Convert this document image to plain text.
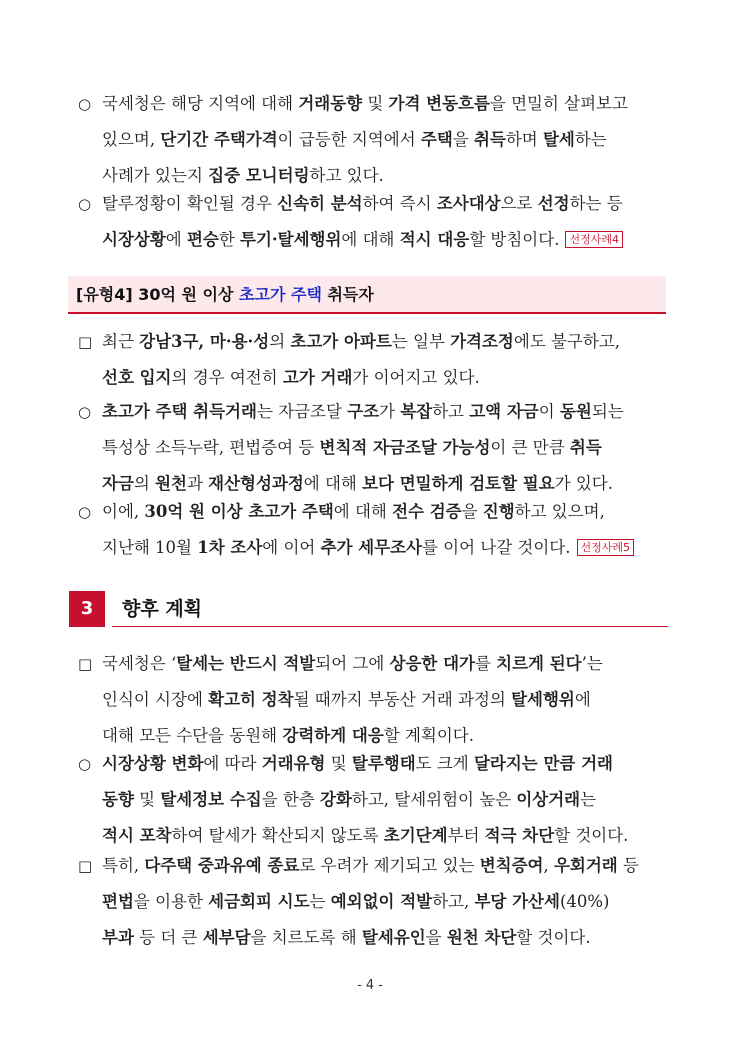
○ 국세청은 해당 지역에 대해 거래동향 및 가격 변동흐름을 면밀히 살펴보고
있으며, 단기간 주택가격이 급등한 지역에서 주택을 취득하며 탈세하는
사례가 있는지 집중 모니터링하고 있다.
○ 탈루정황이 확인될 경우 신속히 분석하여 즉시 조사대상으로 선정하는 등
시장상황에 편승한 투기·탈세행위에 대해 적시 대응할 방침이다. 선정사례4
[유형4] 30억 원 이상 초고가 주택 취득자
□ 최근 강남3구, 마·용·성의 초고가 아파트는 일부 가격조정에도 불구하고,
선호 입지의 경우 여전히 고가 거래가 이어지고 있다.
○ 초고가 주택 취득거래는 자금조달 구조가 복잡하고 고액 자금이 동원되는
특성상 소득누락, 편법증여 등 변칙적 자금조달 가능성이 큰 만큼 취득
자금의 원천과 재산형성과정에 대해 보다 면밀하게 검토할 필요가 있다.
○ 이에, 30억 원 이상 초고가 주택에 대해 전수 검증을 진행하고 있으며,
지난해 10월 1차 조사에 이어 추가 세무조사를 이어 나갈 것이다. 선정사례5
3	향후 계획
□ 국세청은 ‘탈세는 반드시 적발되어 그에 상응한 대가를 치르게 된다’는
인식이 시장에 확고히 정착될 때까지 부동산 거래 과정의 탈세행위에
대해 모든 수단을 동원해 강력하게 대응할 계획이다.
○ 시장상황 변화에 따라 거래유형 및 탈루행태도 크게 달라지는 만큼 거래
동향 및 탈세정보 수집을 한층 강화하고, 탈세위험이 높은 이상거래는
적시 포착하여 탈세가 확산되지 않도록 초기단계부터 적극 차단할 것이다.
□ 특히, 다주택 중과유예 종료로 우려가 제기되고 있는 변칙증여, 우회거래 등
편법을 이용한 세금회피 시도는 예외없이 적발하고, 부당 가산세(40%)
부과 등 더 큰 세부담을 치르도록 해 탈세유인을 원천 차단할 것이다.
- 4 -
